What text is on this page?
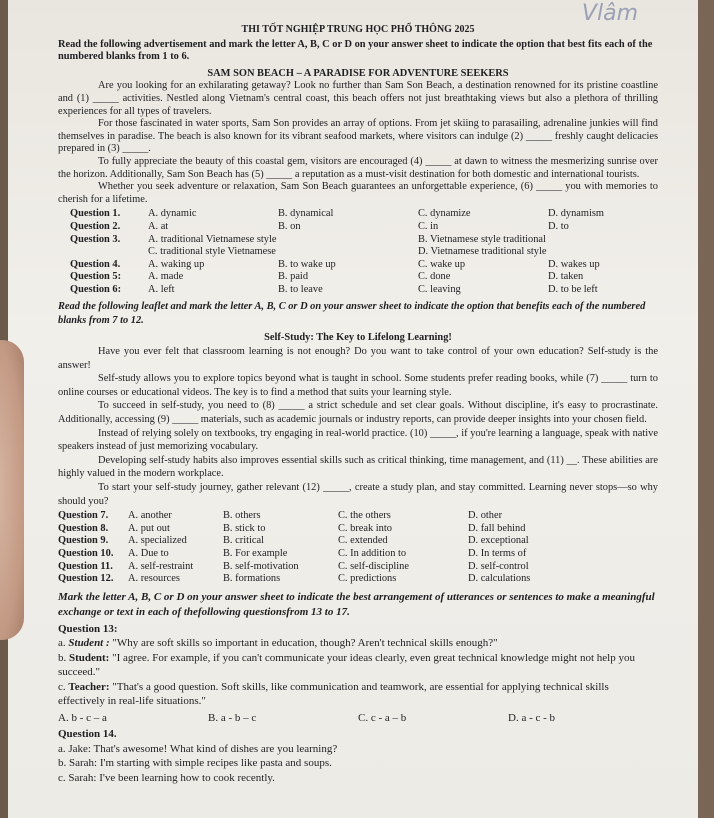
Vlâm
THI TỐT NGHIỆP TRUNG HỌC PHỔ THÔNG 2025
Read the following advertisement and mark the letter A, B, C or D on your answer sheet to indicate the option that best fits each of the numbered blanks from 1 to 6.
SAM SON BEACH – A PARADISE FOR ADVENTURE SEEKERS

Are you looking for an exhilarating getaway? Look no further than Sam Son Beach, a destination renowned for its pristine coastline and (1) _____ activities. Nestled along Vietnam's central coast, this beach offers not just breathtaking views but also a plethora of thrilling experiences for all types of travelers.

For those fascinated in water sports, Sam Son provides an array of options. From jet skiing to parasailing, adrenaline junkies will find themselves in paradise. The beach is also known for its vibrant seafood markets, where visitors can indulge (2) _____ freshly caught delicacies prepared in (3) _____.

To fully appreciate the beauty of this coastal gem, visitors are encouraged (4) _____ at dawn to witness the mesmerizing sunrise over the horizon. Additionally, Sam Son Beach has (5) _____ a reputation as a must-visit destination for both domestic and international tourists.

Whether you seek adventure or relaxation, Sam Son Beach guarantees an unforgettable experience, (6) _____ you with memories to cherish for a lifetime.

Question 1.	A. dynamic	B. dynamical	C. dynamize	D. dynamism
Question 2.	A. at	B. on	C. in	D. to
Question 3.	A. traditional Vietnamese style	B. Vietnamese style traditional
C. traditional style Vietnamese	D. Vietnamese traditional style
Question 4.	A. waking up	B. to wake up	C. wake up	D. wakes up
Question 5:	A. made	B. paid	C. done	D. taken
Question 6:	A. left	B. to leave	C. leaving	D. to be left
Read the following leaflet and mark the letter A, B, C or D on your answer sheet to indicate the option that benefits each of the numbered blanks from 7 to 12.
Self-Study: The Key to Lifelong Learning!

Have you ever felt that classroom learning is not enough? Do you want to take control of your own education? Self-study is the answer!

Self-study allows you to explore topics beyond what is taught in school. Some students prefer reading books, while (7) _____ turn to online courses or educational videos. The key is to find a method that suits your learning style.

To succeed in self-study, you need to (8) _____ a strict schedule and set clear goals. Without discipline, it's easy to procrastinate. Additionally, accessing (9) _____ materials, such as academic journals or industry reports, can provide deeper insights into your chosen field.

Instead of relying solely on textbooks, try engaging in real-world practice. (10) _____, if you're learning a language, speak with native speakers instead of just memorizing vocabulary.

Developing self-study habits also improves essential skills such as critical thinking, time management, and (11) __. These abilities are highly valued in the modern workplace.

To start your self-study journey, gather relevant (12) _____, create a study plan, and stay committed. Learning never stops—so why should you?

Question 7.	A. another	B. others	C. the others	D. other
Question 8.	A. put out	B. stick to	C. break into	D. fall behind
Question 9.	A. specialized	B. critical	C. extended	D. exceptional
Question 10.	A. Due to	B. For example	C. In addition to	D. In terms of
Question 11.	A. self-restraint	B. self-motivation	C. self-discipline	D. self-control
Question 12.	A. resources	B. formations	C. predictions	D. calculations
Mark the letter A, B, C or D on your answer sheet to indicate the best arrangement of utterances or sentences to make a meaningful exchange or text in each of thefollowing questionsfrom 13 to 17.
Question 13:

a. Student : "Why are soft skills so important in education, though? Aren't technical skills enough?"

b. Student: "I agree. For example, if you can't communicate your ideas clearly, even great technical knowledge might not help you succeed."

c. Teacher: "That's a good question. Soft skills, like communication and teamwork, are essential for applying technical skills effectively in real-life situations."

A. b - c – a	B. a - b – c	C. c - a – b	D. a - c - b
Question 14.

a. Jake: That's awesome! What kind of dishes are you learning?

b. Sarah: I'm starting with simple recipes like pasta and soups.

c. Sarah: I've been learning how to cook recently.
